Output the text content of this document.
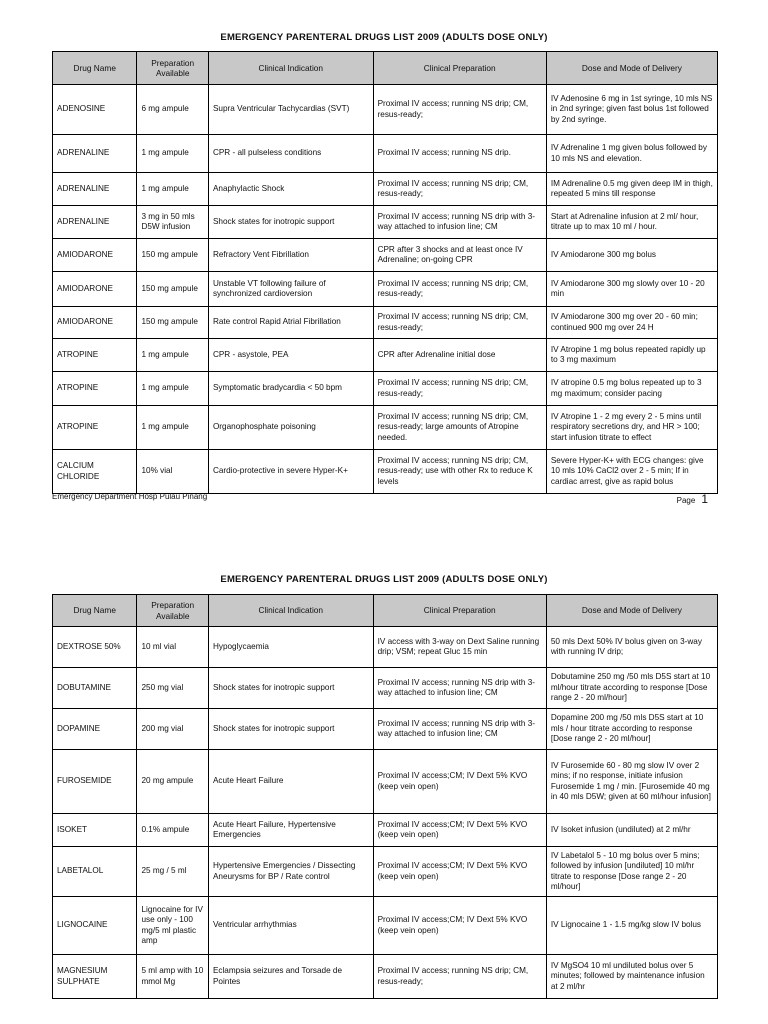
EMERGENCY PARENTERAL DRUGS LIST 2009 (ADULTS DOSE ONLY)
Drug Name	Preparation Available	Clinical Indication	Clinical Preparation	Dose and Mode of Delivery
ADENOSINE	6 mg ampule	Supra Ventricular Tachycardias (SVT)	Proximal IV access; running NS drip; CM, resus-ready;	IV Adenosine 6 mg in 1st syringe, 10 mls NS in 2nd syringe; given fast bolus 1st followed by 2nd syringe.
ADRENALINE	1 mg ampule	CPR - all pulseless conditions	Proximal IV access; running NS drip.	IV Adrenaline 1 mg given bolus followed by 10 mls NS and elevation.
ADRENALINE	1 mg ampule	Anaphylactic Shock	Proximal IV access; running NS drip; CM, resus-ready;	IM Adrenaline 0.5 mg given deep IM in thigh, repeated 5 mins till response
ADRENALINE	3 mg in 50 mls D5W infusion	Shock states for inotropic support	Proximal IV access; running NS drip with 3-way attached to infusion line; CM	Start at Adrenaline infusion at 2 ml/ hour, titrate up to max 10 ml / hour.
AMIODARONE	150 mg ampule	Refractory Vent Fibrillation	CPR after 3 shocks and at least once IV Adrenaline; on-going CPR	IV Amiodarone 300 mg bolus
AMIODARONE	150 mg ampule	Unstable VT following failure of synchronized cardioversion	Proximal IV access; running NS drip; CM, resus-ready;	IV Amiodarone 300 mg slowly over 10 - 20 min
AMIODARONE	150 mg ampule	Rate control Rapid Atrial Fibrillation	Proximal IV access; running NS drip; CM, resus-ready;	IV Amiodarone 300 mg over 20 - 60 min; continued 900 mg over 24 H
ATROPINE	1 mg ampule	CPR - asystole, PEA	CPR after Adrenaline initial dose	IV Atropine 1 mg bolus repeated rapidly up to 3 mg maximum
ATROPINE	1 mg ampule	Symptomatic bradycardia < 50 bpm	Proximal IV access; running NS drip; CM, resus-ready;	IV atropine 0.5 mg bolus repeated up to 3 mg maximum; consider pacing
ATROPINE	1 mg ampule	Organophosphate poisoning	Proximal IV access; running NS drip; CM, resus-ready; large amounts of Atropine needed.	IV Atropine 1 - 2 mg every 2 - 5 mins until respiratory secretions dry, and HR > 100; start infusion titrate to effect
CALCIUM CHLORIDE	10% vial	Cardio-protective in severe Hyper-K+	Proximal IV access; running NS drip; CM, resus-ready; use with other Rx to reduce K levels	Severe Hyper-K+ with ECG changes: give 10 mls 10% CaCl2 over 2 - 5 min; If in cardiac arrest, give as rapid bolus
Emergency Department Hosp Pulau Pinang	Page 1
EMERGENCY PARENTERAL DRUGS LIST 2009 (ADULTS DOSE ONLY)
Drug Name	Preparation Available	Clinical Indication	Clinical Preparation	Dose and Mode of Delivery
DEXTROSE 50%	10 ml vial	Hypoglycaemia	IV access with 3-way on Dext Saline running drip; VSM; repeat Gluc 15 min	50 mls Dext 50% IV bolus given on 3-way with running IV drip;
DOBUTAMINE	250 mg vial	Shock states for inotropic support	Proximal IV access; running NS drip with 3-way attached to infusion line; CM	Dobutamine 250 mg /50 mls D5S start at 10 ml/hour titrate according to response [Dose range 2 - 20 ml/hour]
DOPAMINE	200 mg vial	Shock states for inotropic support	Proximal IV access; running NS drip with 3-way attached to infusion line; CM	Dopamine 200 mg /50 mls D5S start at 10 mls / hour titrate according to response [Dose range 2 - 20 ml/hour]
FUROSEMIDE	20 mg ampule	Acute Heart Failure	Proximal IV access;CM; IV Dext 5% KVO (keep vein open)	IV Furosemide 60 - 80 mg slow IV over 2 mins; if no response, initiate infusion Furosemide 1 mg / min. [Furosemide 40 mg in 40 mls D5W; given at 60 ml/hour infusion]
ISOKET	0.1% ampule	Acute Heart Failure, Hypertensive Emergencies	Proximal IV access;CM; IV Dext 5% KVO (keep vein open)	IV Isoket infusion (undiluted) at 2 ml/hr
LABETALOL	25 mg / 5 ml	Hypertensive Emergencies / Dissecting Aneurysms for BP / Rate control	Proximal IV access;CM; IV Dext 5% KVO (keep vein open)	IV Labetalol 5 - 10 mg bolus over 5 mins; followed by infusion [undiluted] 10 ml/hr titrate to response [Dose range 2 - 20 ml/hour]
LIGNOCAINE	Lignocaine for IV use only - 100 mg/5 ml plastic amp	Ventricular arrhythmias	Proximal IV access;CM; IV Dext 5% KVO (keep vein open)	IV Lignocaine 1 - 1.5 mg/kg slow IV bolus
MAGNESIUM SULPHATE	5 ml amp with 10 mmol Mg	Eclampsia seizures and Torsade de Pointes	Proximal IV access; running NS drip; CM, resus-ready;	IV MgSO4 10 ml undiluted bolus over 5 minutes; followed by maintenance infusion at 2 ml/hr
